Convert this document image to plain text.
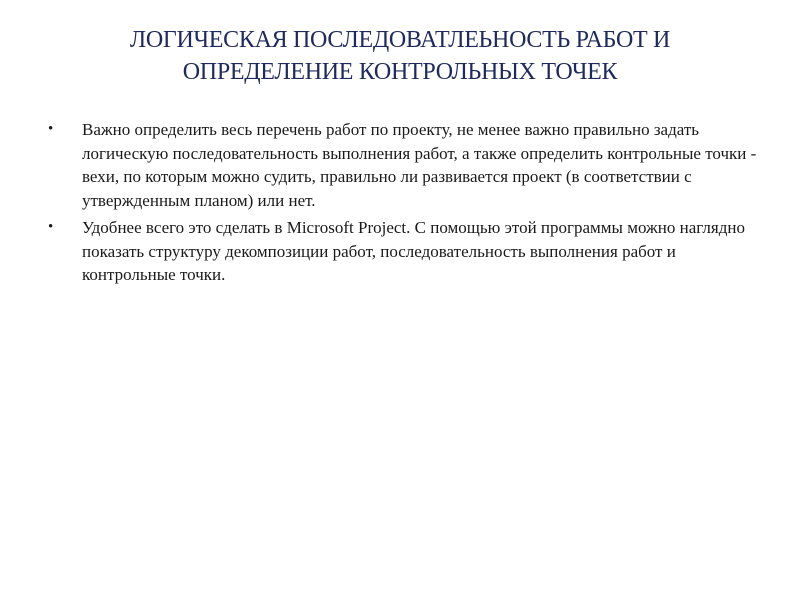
ЛОГИЧЕСКАЯ ПОСЛЕДОВАТЛЕЬНОСТЬ РАБОТ И
ОПРЕДЕЛЕНИЕ КОНТРОЛЬНЫХ ТОЧЕК
• Важно определить весь перечень работ по проекту, не менее важно правильно задать логическую последовательность выполнения работ, а также определить контрольные точки - вехи, по которым можно судить, правильно ли развивается проект (в соответствии с утвержденным планом) или нет.
• Удобнее всего это сделать в Microsoft Project. С помощью этой программы можно наглядно показать структуру декомпозиции работ, последовательность выполнения работ и контрольные точки.
